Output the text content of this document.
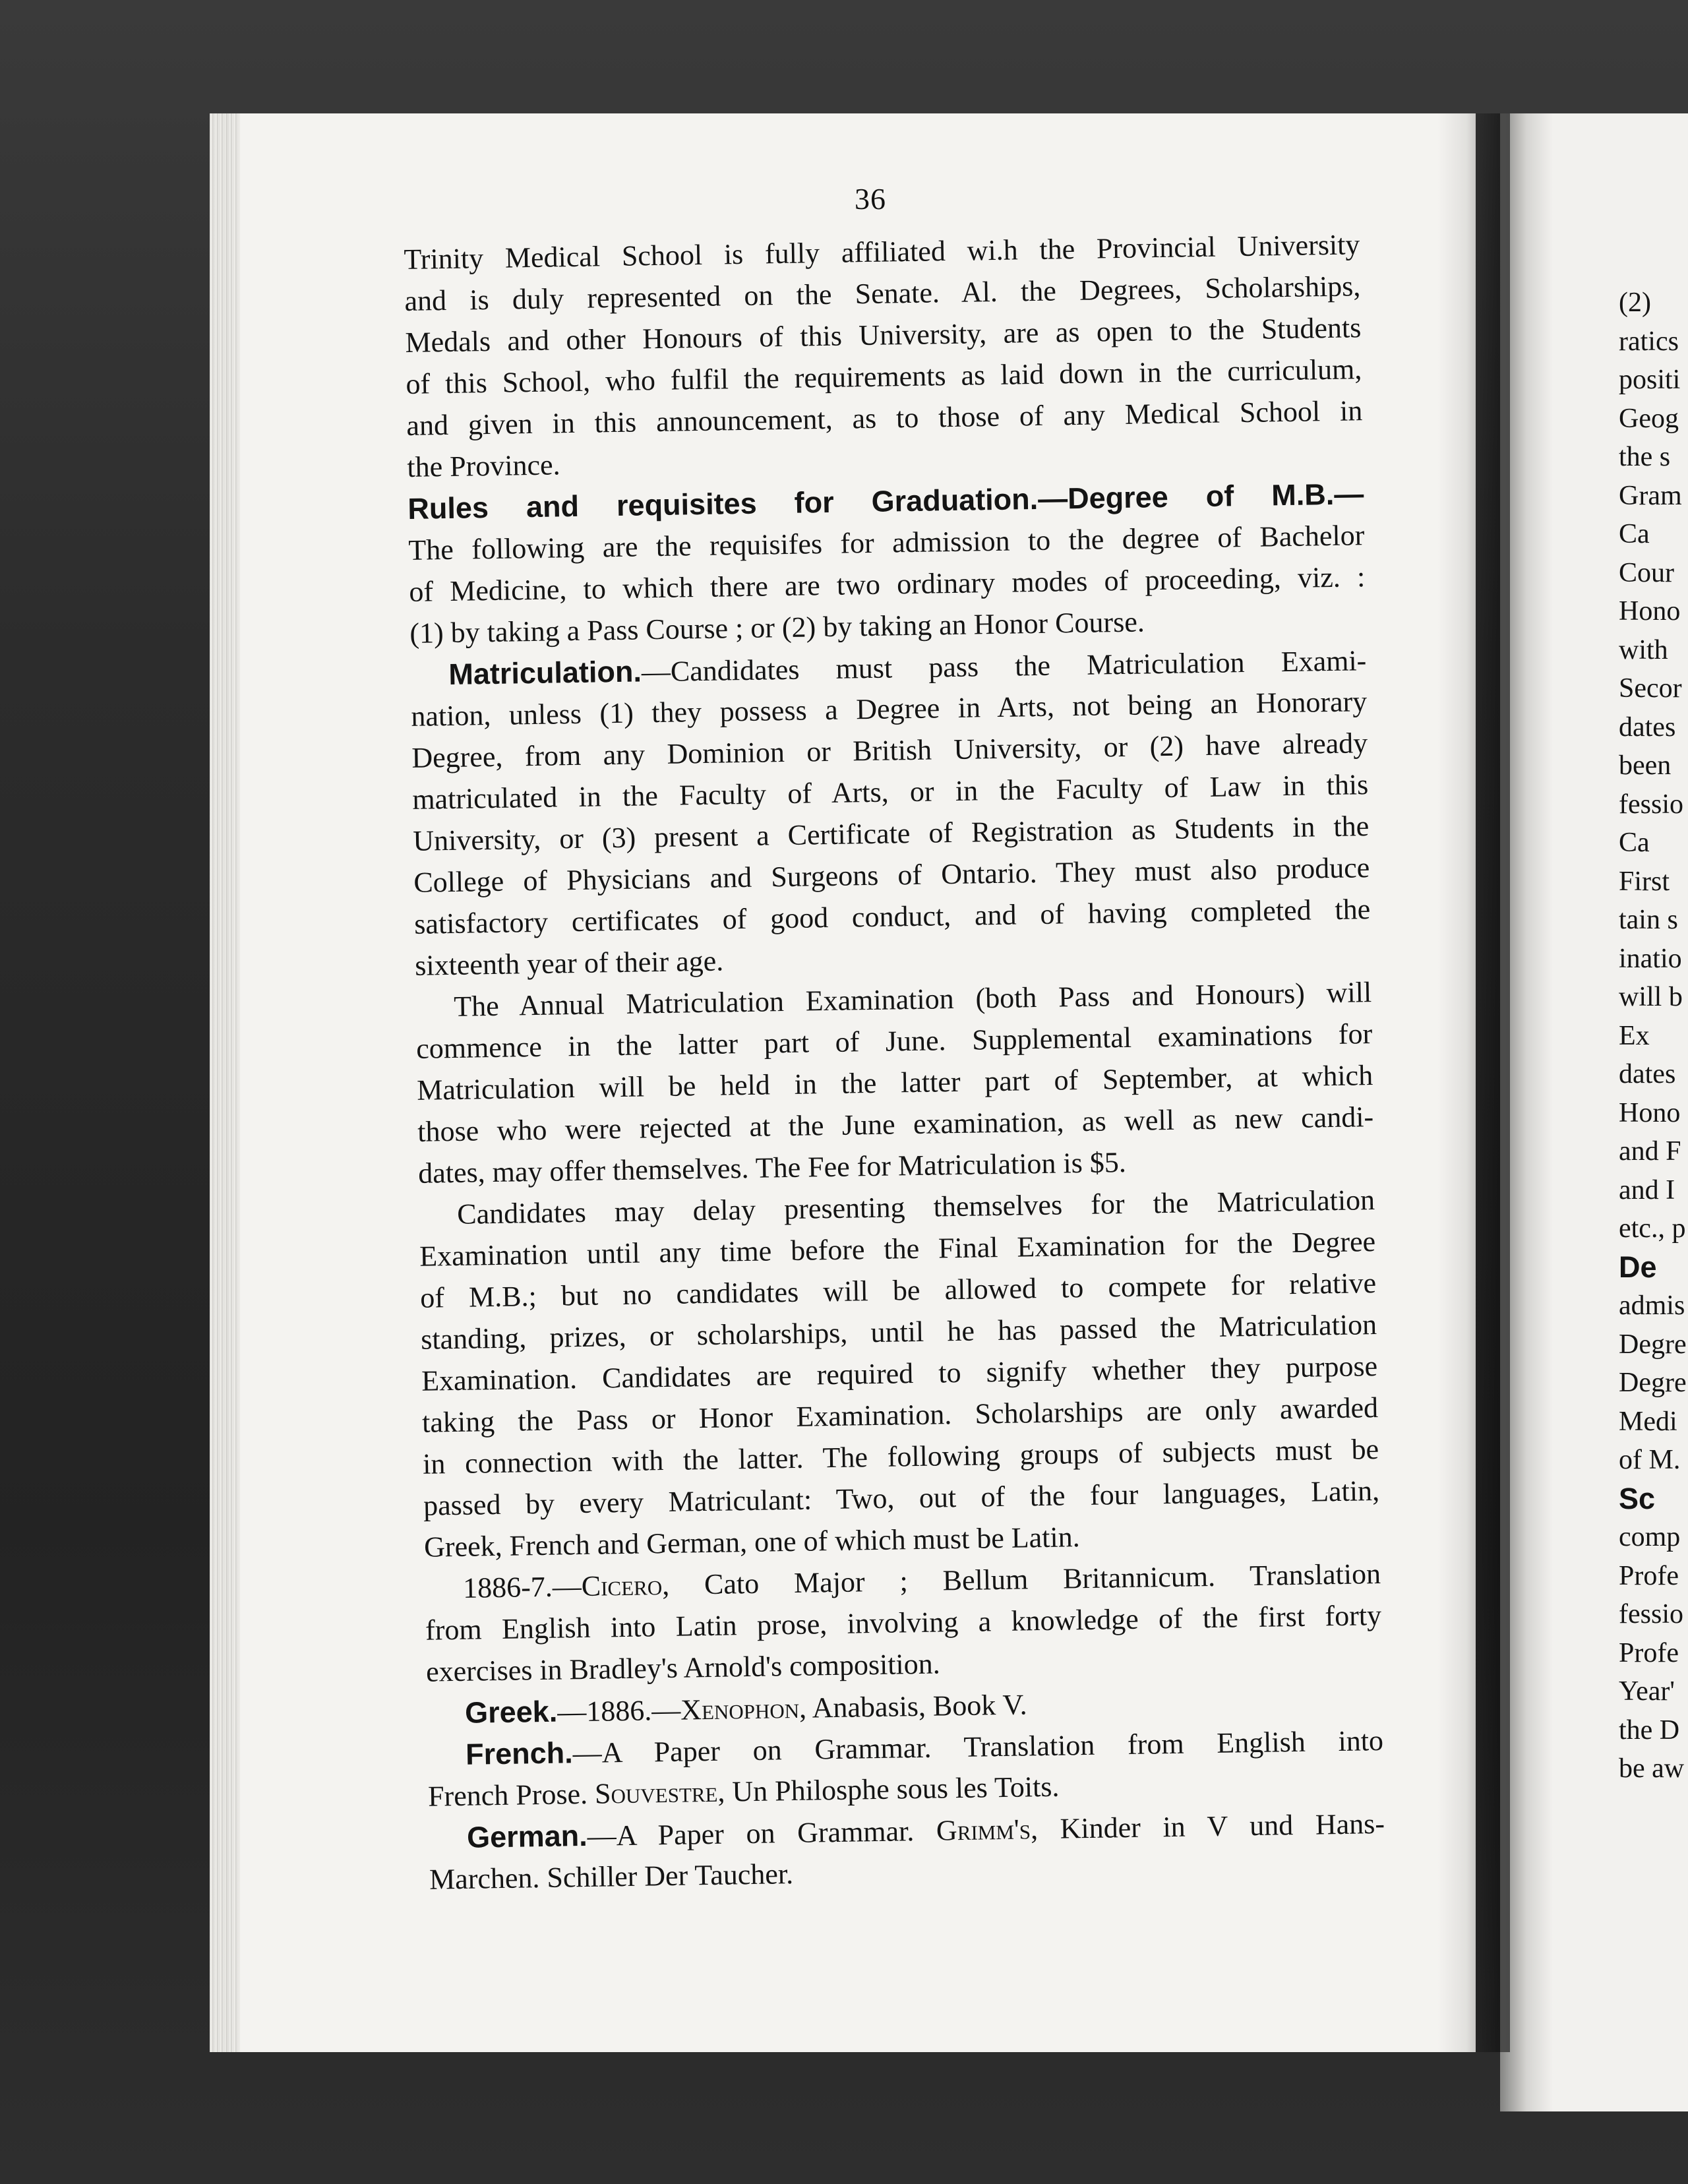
36
Trinity Medical School is fully affiliated wi.h the Provincial University
and is duly represented on the Senate. Al. the Degrees, Scholarships,
Medals and other Honours of this University, are as open to the Students
of this School, who fulfil the requirements as laid down in the curriculum,
and given in this announcement, as to those of any Medical School in
the Province.
Rules and requisites for Graduation.—Degree of M.B.—
The following are the requisifes for admission to the degree of Bachelor
of Medicine, to which there are two ordinary modes of proceeding, viz. :
(1) by taking a Pass Course ; or (2) by taking an Honor Course.
Matriculation.—Candidates must pass the Matriculation Exami-
nation, unless (1) they possess a Degree in Arts, not being an Honorary
Degree, from any Dominion or British University, or (2) have already
matriculated in the Faculty of Arts, or in the Faculty of Law in this
University, or (3) present a Certificate of Registration as Students in the
College of Physicians and Surgeons of Ontario. They must also produce
satisfactory certificates of good conduct, and of having completed the
sixteenth year of their age.
The Annual Matriculation Examination (both Pass and Honours) will
commence in the latter part of June. Supplemental examinations for
Matriculation will be held in the latter part of September, at which
those who were rejected at the June examination, as well as new candi-
dates, may offer themselves. The Fee for Matriculation is $5.
Candidates may delay presenting themselves for the Matriculation
Examination until any time before the Final Examination for the Degree
of M.B.; but no candidates will be allowed to compete for relative
standing, prizes, or scholarships, until he has passed the Matriculation
Examination. Candidates are required to signify whether they purpose
taking the Pass or Honor Examination. Scholarships are only awarded
in connection with the latter. The following groups of subjects must be
passed by every Matriculant: Two, out of the four languages, Latin,
Greek, French and German, one of which must be Latin.
1886-7.—Cicero, Cato Major ; Bellum Britannicum. Translation
from English into Latin prose, involving a knowledge of the first forty
exercises in Bradley's Arnold's composition.
Greek.—1886.—Xenophon, Anabasis, Book V.
French.—A Paper on Grammar. Translation from English into
French Prose. Souvestre, Un Philosphe sous les Toits.
German.—A Paper on Grammar. Grimm's, Kinder in V und Hans-
Marchen. Schiller Der Taucher.
(2)
ratics
positi
Geog
the s
Gram
Ca
Cour
Hono
with
Secor
dates
been
fessio
Ca
First
tain s
inatio
will b
Ex
dates
Hono
and F
and I
etc., p
De
admis
Degre
Degre
Medi
of M.
Sc
comp
Profe
fessio
Profe
Year'
the D
be aw
